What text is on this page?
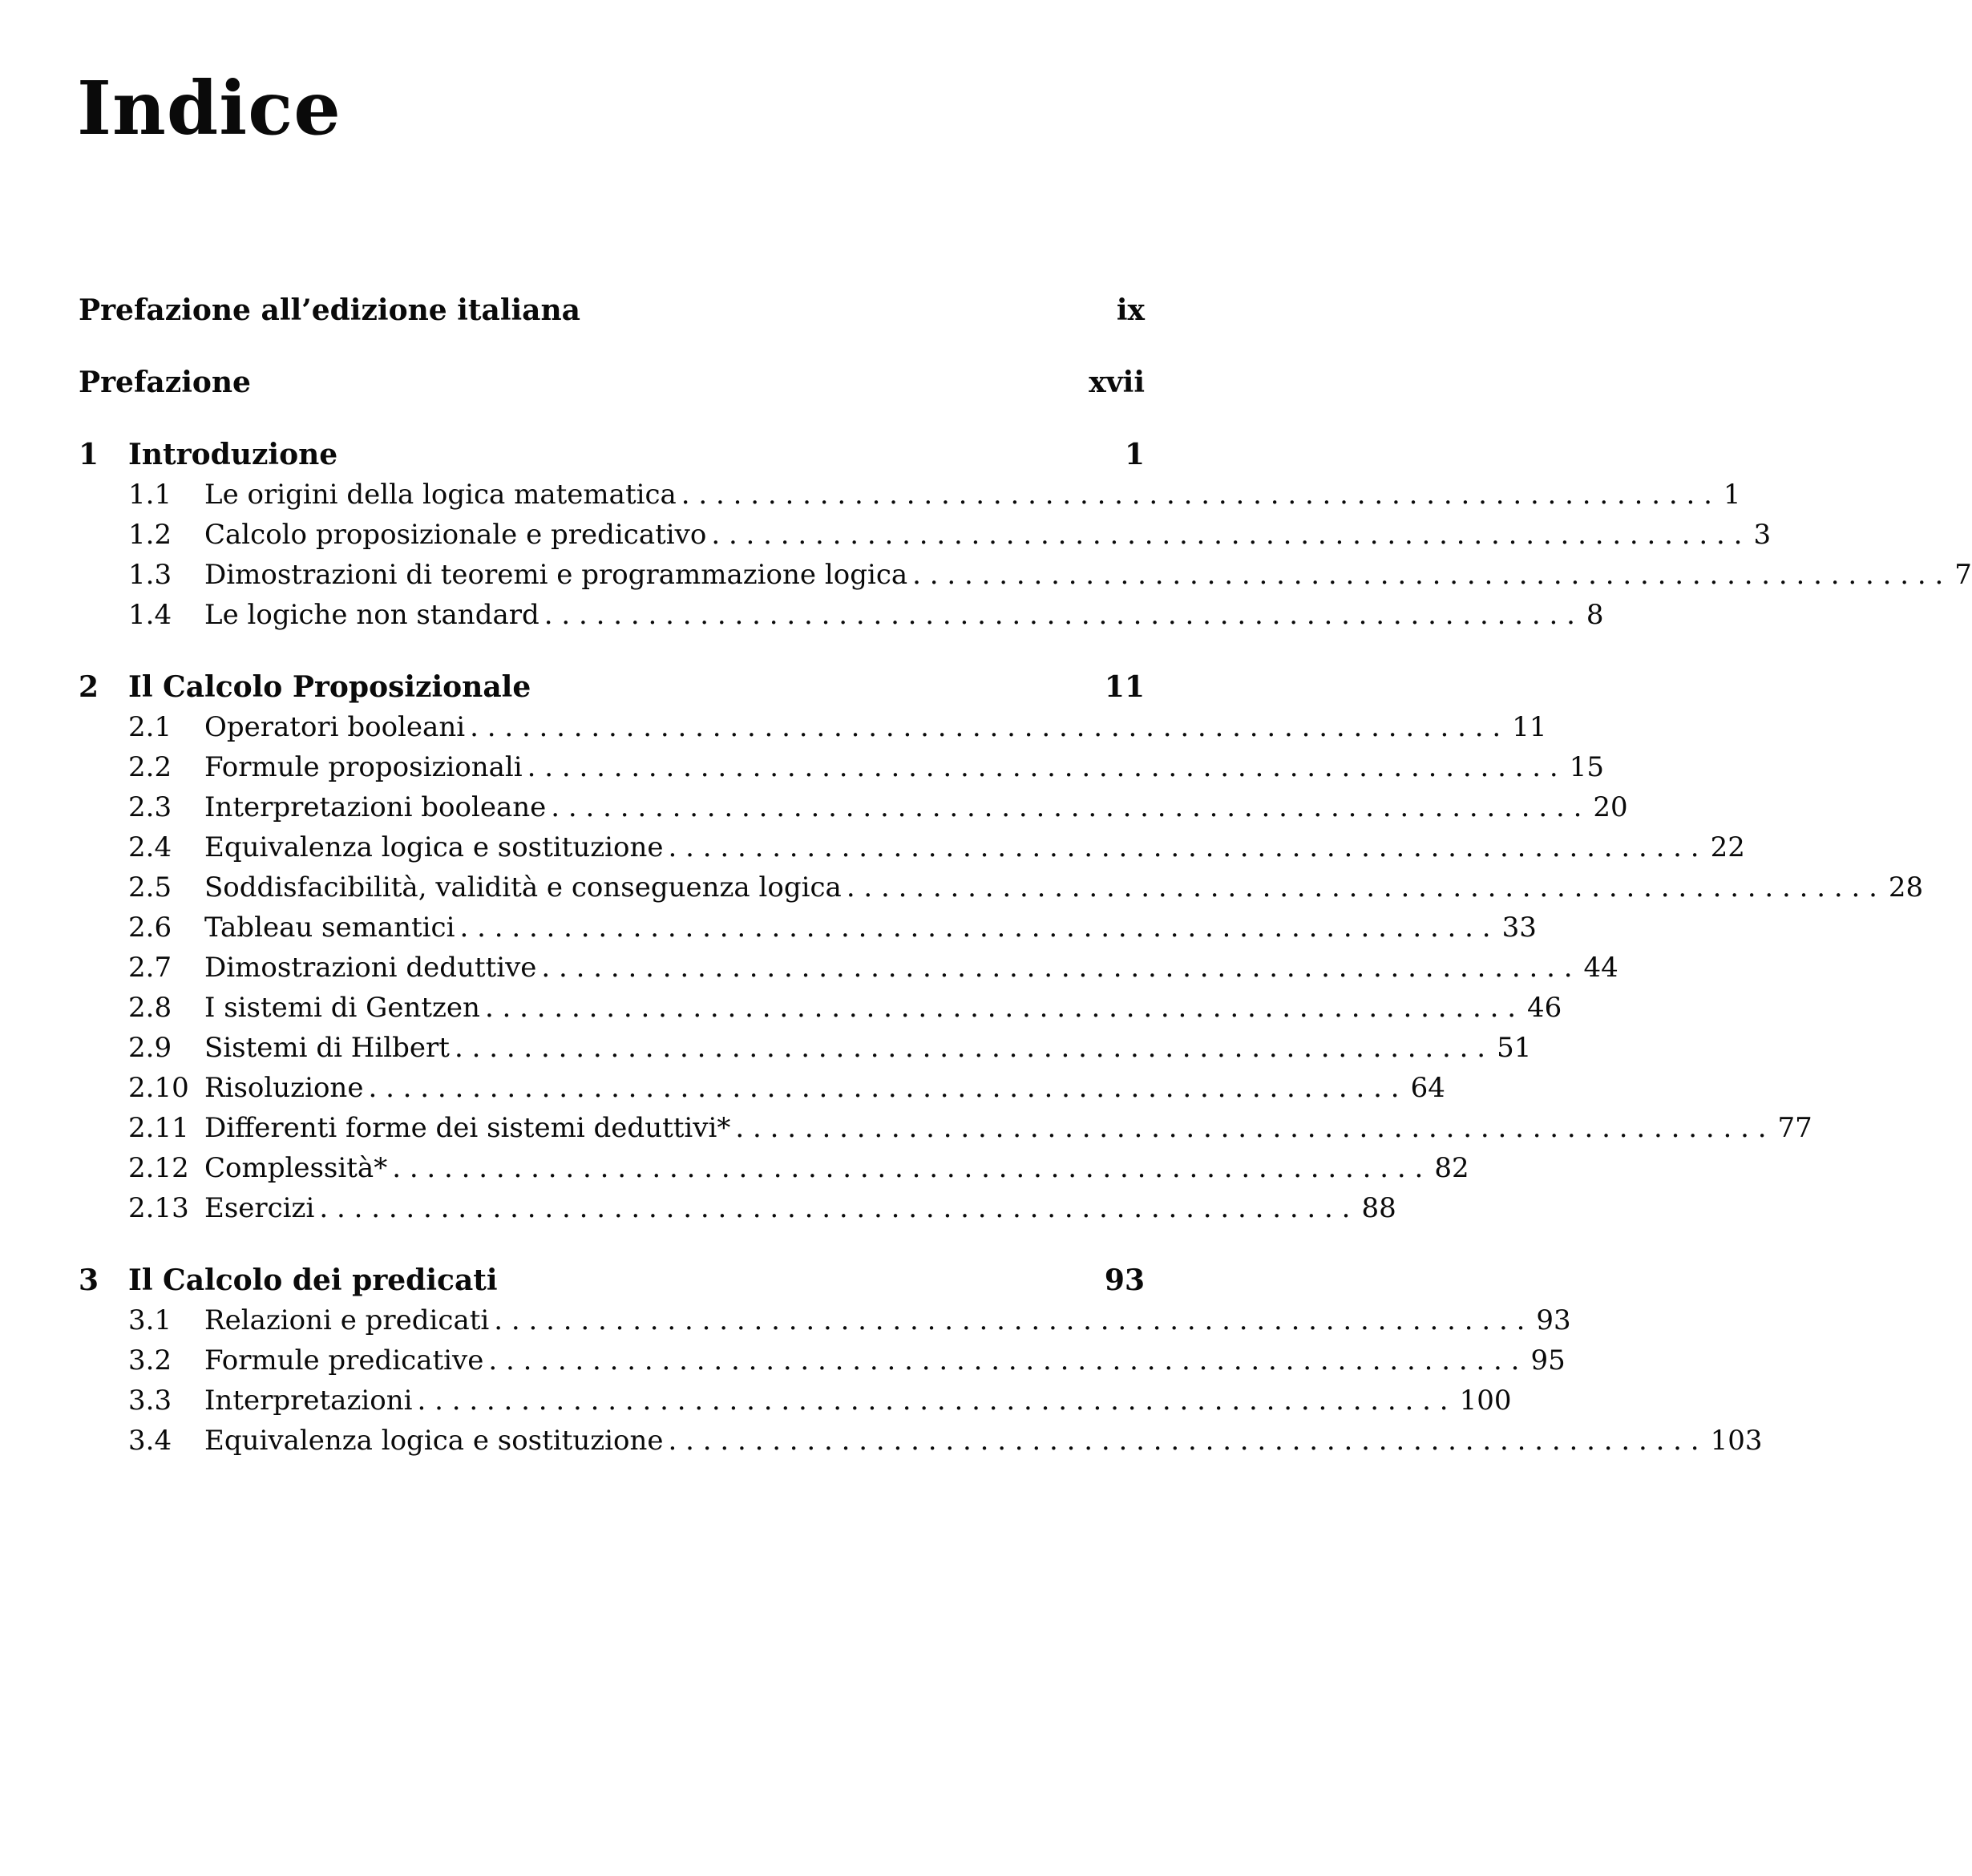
Indice
Prefazione all’edizione italiana	ix
Prefazione	xvii
1	Introduzione	1
1.1	Le origini della logica matematica . . . . . . . . . . . . . . . . . . . . . . . . . . . . . . . . . . . . . . . . . . . . . . . . . . . . . . . . . . . . 1
1.2	Calcolo proposizionale e predicativo . . . . . . . . . . . . . . . . . . . . . . . . . . . . . . . . . . . . . . . . . . . . . . . . . . . . . . . . . . . . 3
1.3	Dimostrazioni di teoremi e programmazione logica . . . . . . . . . . . . . . . . . . . . . . . . . . . . . . . . . . . . . . . . . . . . . . . . . . . . . . . . . . . . 7
1.4	Le logiche non standard . . . . . . . . . . . . . . . . . . . . . . . . . . . . . . . . . . . . . . . . . . . . . . . . . . . . . . . . . . . . 8
2	Il Calcolo Proposizionale	11
2.1	Operatori booleani . . . . . . . . . . . . . . . . . . . . . . . . . . . . . . . . . . . . . . . . . . . . . . . . . . . . . . . . . . . . 11
2.2	Formule proposizionali . . . . . . . . . . . . . . . . . . . . . . . . . . . . . . . . . . . . . . . . . . . . . . . . . . . . . . . . . . . . 15
2.3	Interpretazioni booleane . . . . . . . . . . . . . . . . . . . . . . . . . . . . . . . . . . . . . . . . . . . . . . . . . . . . . . . . . . . . 20
2.4	Equivalenza logica e sostituzione . . . . . . . . . . . . . . . . . . . . . . . . . . . . . . . . . . . . . . . . . . . . . . . . . . . . . . . . . . . . 22
2.5	Soddisfacibilità, validità e conseguenza logica . . . . . . . . . . . . . . . . . . . . . . . . . . . . . . . . . . . . . . . . . . . . . . . . . . . . . . . . . . . . 28
2.6	Tableau semantici . . . . . . . . . . . . . . . . . . . . . . . . . . . . . . . . . . . . . . . . . . . . . . . . . . . . . . . . . . . . 33
2.7	Dimostrazioni deduttive . . . . . . . . . . . . . . . . . . . . . . . . . . . . . . . . . . . . . . . . . . . . . . . . . . . . . . . . . . . . 44
2.8	I sistemi di Gentzen . . . . . . . . . . . . . . . . . . . . . . . . . . . . . . . . . . . . . . . . . . . . . . . . . . . . . . . . . . . . 46
2.9	Sistemi di Hilbert . . . . . . . . . . . . . . . . . . . . . . . . . . . . . . . . . . . . . . . . . . . . . . . . . . . . . . . . . . . . 51
2.10 Risoluzione . . . . . . . . . . . . . . . . . . . . . . . . . . . . . . . . . . . . . . . . . . . . . . . . . . . . . . . . . . . . 64
2.11 Differenti forme dei sistemi deduttivi* . . . . . . . . . . . . . . . . . . . . . . . . . . . . . . . . . . . . . . . . . . . . . . . . . . . . . . . . . . . . 77
2.12 Complessità* . . . . . . . . . . . . . . . . . . . . . . . . . . . . . . . . . . . . . . . . . . . . . . . . . . . . . . . . . . . . 82
2.13 Esercizi . . . . . . . . . . . . . . . . . . . . . . . . . . . . . . . . . . . . . . . . . . . . . . . . . . . . . . . . . . . . 88
3	Il Calcolo dei predicati	93
3.1	Relazioni e predicati . . . . . . . . . . . . . . . . . . . . . . . . . . . . . . . . . . . . . . . . . . . . . . . . . . . . . . . . . . . . 93
3.2	Formule predicative . . . . . . . . . . . . . . . . . . . . . . . . . . . . . . . . . . . . . . . . . . . . . . . . . . . . . . . . . . . . 95
3.3	Interpretazioni . . . . . . . . . . . . . . . . . . . . . . . . . . . . . . . . . . . . . . . . . . . . . . . . . . . . . . . . . . . . 100
3.4	Equivalenza logica e sostituzione . . . . . . . . . . . . . . . . . . . . . . . . . . . . . . . . . . . . . . . . . . . . . . . . . . . . . . . . . . . . 103
